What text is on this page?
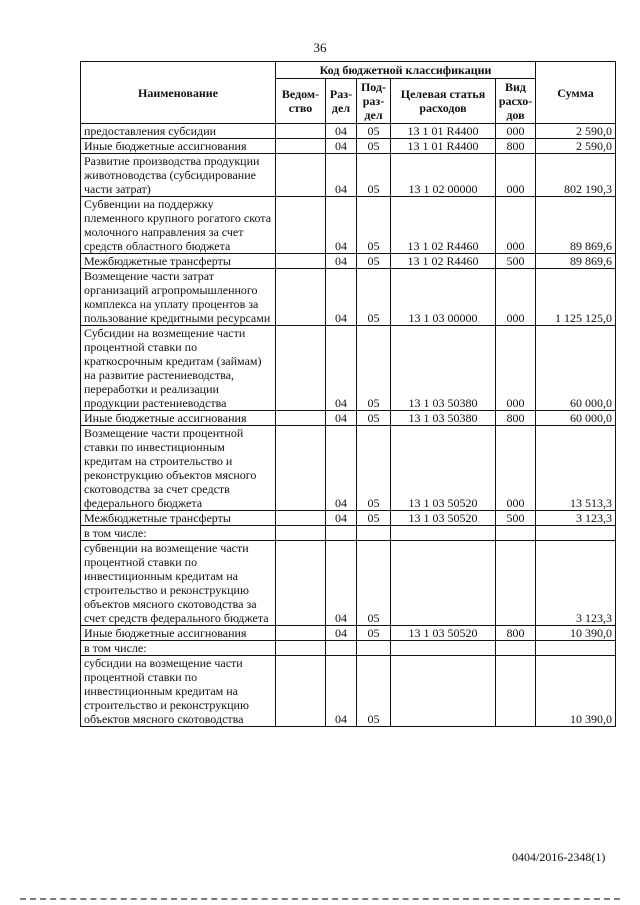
36
Наименование	Код бюджетной классификации					Сумма
	Ведом-ство	Раз-дел	Под-раз-дел	Целевая статья расходов	Вид расхо-дов	
предоставления субсидии		04	05	13 1 01 R4400	000	2 590,0
Иные бюджетные ассигнования		04	05	13 1 01 R4400	800	2 590,0
Развитие производства продукции животноводства (субсидирование части затрат)		04	05	13 1 02 00000	000	802 190,3
Субвенции на поддержку племенного крупного рогатого скота молочного направления за счет средств областного бюджета		04	05	13 1 02 R4460	000	89 869,6
Межбюджетные трансферты		04	05	13 1 02 R4460	500	89 869,6
Возмещение части затрат организаций агропромышленного комплекса на уплату процентов за пользование кредитными ресурсами		04	05	13 1 03 00000	000	1 125 125,0
Субсидии на возмещение части процентной ставки по краткосрочным кредитам (займам) на развитие растениеводства, переработки и реализации продукции растениеводства		04	05	13 1 03 50380	000	60 000,0
Иные бюджетные ассигнования		04	05	13 1 03 50380	800	60 000,0
Возмещение части процентной ставки по инвестиционным кредитам на строительство и реконструкцию объектов мясного скотоводства за счет средств федерального бюджета		04	05	13 1 03 50520	000	13 513,3
Межбюджетные трансферты		04	05	13 1 03 50520	500	3 123,3
в том числе:						
субвенции на возмещение части процентной ставки по инвестиционным кредитам на строительство и реконструкцию объектов мясного скотоводства за счет средств федерального бюджета		04	05			3 123,3
Иные бюджетные ассигнования		04	05	13 1 03 50520	800	10 390,0
в том числе:						
субсидии на возмещение части процентной ставки по инвестиционным кредитам на строительство и реконструкцию объектов мясного скотоводства		04	05			10 390,0
0404/2016-2348(1)
